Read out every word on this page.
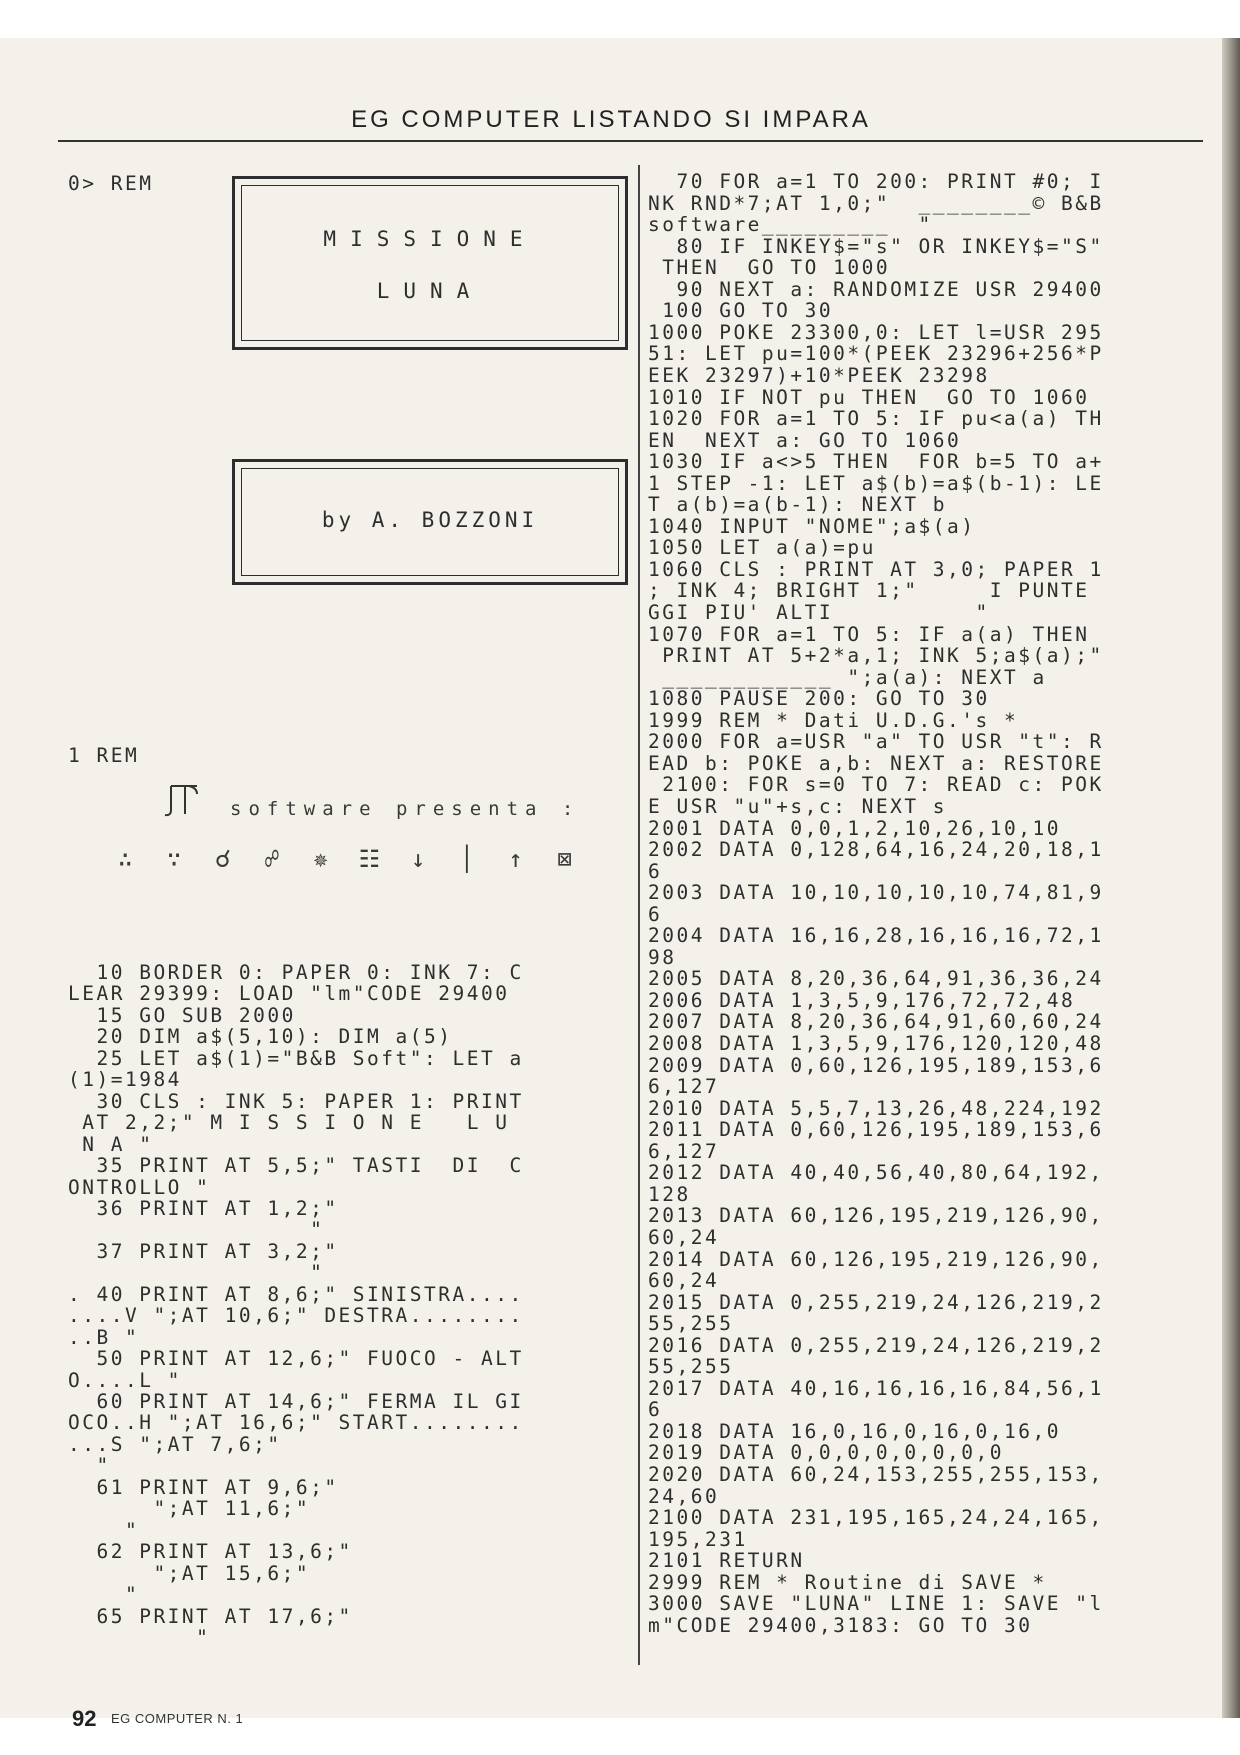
EG COMPUTER LISTANDO SI IMPARA
0> REM
MISSIONE
LUNA
by A. BOZZONI
1 REM
software presenta :
∴	∵	☌	☍	✵	☷	↓	│	↑	⊠
10 BORDER 0: PAPER 0: INK 7: C
LEAR 29399: LOAD "lm"CODE 29400
15 GO SUB 2000
20 DIM a$(5,10): DIM a(5)
25 LET a$(1)="B&B Soft": LET a
(1)=1984
30 CLS : INK 5: PAPER 1: PRINT
AT 2,2;" M I S S I O N E   L U
N A "
35 PRINT AT 5,5;" TASTI  DI  C
ONTROLLO "
36 PRINT AT 1,2;"
"
37 PRINT AT 3,2;"
"
. 40 PRINT AT 8,6;" SINISTRA....
....V ";AT 10,6;" DESTRA........
..B "
50 PRINT AT 12,6;" FUOCO - ALT
O....L "
60 PRINT AT 14,6;" FERMA IL GI
OCO..H ";AT 16,6;" START........
...S ";AT 7,6;"
"
61 PRINT AT 9,6;"
";AT 11,6;"
"
62 PRINT AT 13,6;"
";AT 15,6;"
"
65 PRINT AT 17,6;"
"
70 FOR a=1 TO 200: PRINT #0; I
NK RND*7;AT 1,0;"  ________© B&B
software_________  "
80 IF INKEY$="s" OR INKEY$="S"
THEN  GO TO 1000
90 NEXT a: RANDOMIZE USR 29400
100 GO TO 30
1000 POKE 23300,0: LET l=USR 295
51: LET pu=100*(PEEK 23296+256*P
EEK 23297)+10*PEEK 23298
1010 IF NOT pu THEN  GO TO 1060
1020 FOR a=1 TO 5: IF pu<a(a) TH
EN  NEXT a: GO TO 1060
1030 IF a<>5 THEN  FOR b=5 TO a+
1 STEP -1: LET a$(b)=a$(b-1): LE
T a(b)=a(b-1): NEXT b
1040 INPUT "NOME";a$(a)
1050 LET a(a)=pu
1060 CLS : PRINT AT 3,0; PAPER 1
; INK 4; BRIGHT 1;"     I PUNTE
GGI PIU' ALTI          "
1070 FOR a=1 TO 5: IF a(a) THEN
PRINT AT 5+2*a,1; INK 5;a$(a);"
____________ ";a(a): NEXT a
1080 PAUSE 200: GO TO 30
1999 REM * Dati U.D.G.'s *
2000 FOR a=USR "a" TO USR "t": R
EAD b: POKE a,b: NEXT a: RESTORE
2100: FOR s=0 TO 7: READ c: POK
E USR "u"+s,c: NEXT s
2001 DATA 0,0,1,2,10,26,10,10
2002 DATA 0,128,64,16,24,20,18,1
6
2003 DATA 10,10,10,10,10,74,81,9
6
2004 DATA 16,16,28,16,16,16,72,1
98
2005 DATA 8,20,36,64,91,36,36,24
2006 DATA 1,3,5,9,176,72,72,48
2007 DATA 8,20,36,64,91,60,60,24
2008 DATA 1,3,5,9,176,120,120,48
2009 DATA 0,60,126,195,189,153,6
6,127
2010 DATA 5,5,7,13,26,48,224,192
2011 DATA 0,60,126,195,189,153,6
6,127
2012 DATA 40,40,56,40,80,64,192,
128
2013 DATA 60,126,195,219,126,90,
60,24
2014 DATA 60,126,195,219,126,90,
60,24
2015 DATA 0,255,219,24,126,219,2
55,255
2016 DATA 0,255,219,24,126,219,2
55,255
2017 DATA 40,16,16,16,16,84,56,1
6
2018 DATA 16,0,16,0,16,0,16,0
2019 DATA 0,0,0,0,0,0,0,0
2020 DATA 60,24,153,255,255,153,
24,60
2100 DATA 231,195,165,24,24,165,
195,231
2101 RETURN
2999 REM * Routine di SAVE *
3000 SAVE "LUNA" LINE 1: SAVE "l
m"CODE 29400,3183: GO TO 30
92 EG COMPUTER N. 1
